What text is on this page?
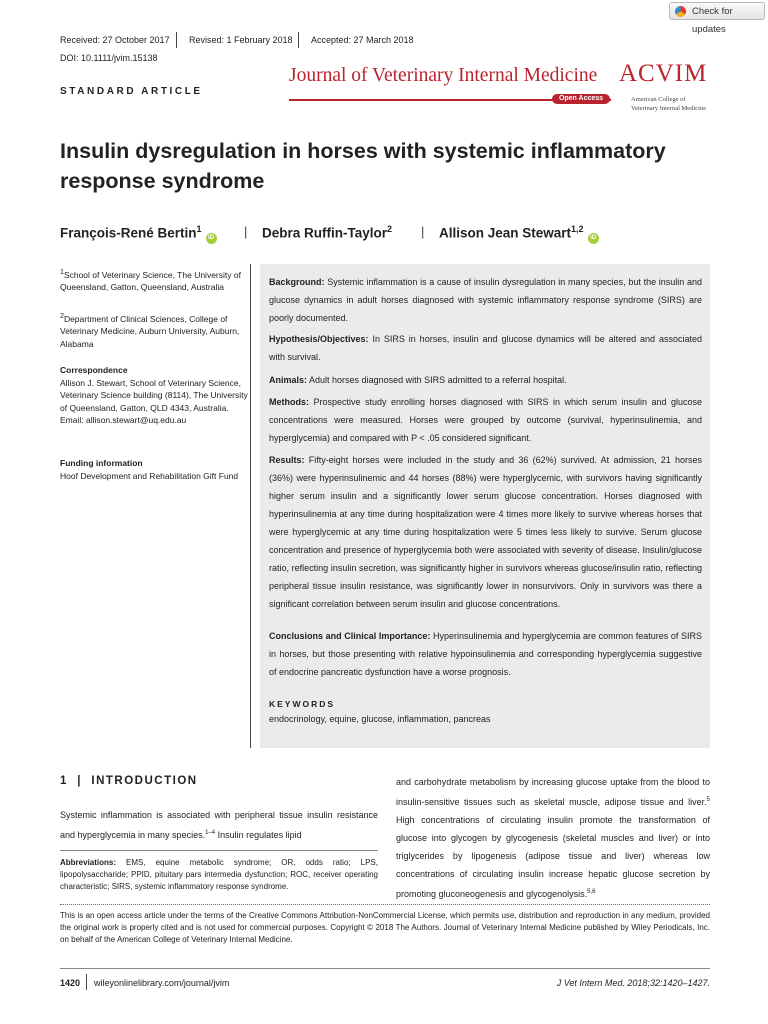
Check for updates
Received: 27 October 2017 Revised: 1 February 2018 Accepted: 27 March 2018
DOI: 10.1111/jvim.15138
STANDARD ARTICLE
Journal of Veterinary Internal Medicine
Open Access
ACVIM
American College of
Veterinary Internal Medicine
Insulin dysregulation in horses with systemic inflammatory response syndrome
François-René Bertin$^1$iD | Debra Ruffin-Taylor$^2$ | Allison Jean Stewart$^{1,2}$iD
$^1$School of Veterinary Science, The University of Queensland, Gatton, Queensland, Australia
$^2$Department of Clinical Sciences, College of Veterinary Medicine, Auburn University, Auburn, Alabama
Correspondence
Allison J. Stewart, School of Veterinary Science, Veterinary Science building (8114), The University of Queensland, Gatton, QLD 4343, Australia.
Email: allison.stewart@uq.edu.au
Funding information
Hoof Development and Rehabilitation Gift Fund
Background: Systemic inflammation is a cause of insulin dysregulation in many species, but the insulin and glucose dynamics in adult horses diagnosed with systemic inflammatory response syndrome (SIRS) are poorly documented.
Hypothesis/Objectives: In SIRS in horses, insulin and glucose dynamics will be altered and associated with survival.
Animals: Adult horses diagnosed with SIRS admitted to a referral hospital.
Methods: Prospective study enrolling horses diagnosed with SIRS in which serum insulin and glucose concentrations were measured. Horses were grouped by outcome (survival, hyperinsulinemia, and hyperglycemia) and compared with P < .05 considered significant.
Results: Fifty-eight horses were included in the study and 36 (62%) survived. At admission, 21 horses (36%) were hyperinsulinemic and 44 horses (88%) were hyperglycemic, with survivors having significantly higher serum insulin and a significantly lower serum glucose concentration. Horses diagnosed with hyperinsulinemia at any time during hospitalization were 4 times more likely to survive whereas horses that were hyperglycemic at any time during hospitalization were 5 times less likely to survive. Serum glucose concentration and presence of hyperglycemia both were associated with severity of disease. Insulin/glucose ratio, reflecting insulin secretion, was significantly higher in survivors whereas glucose/insulin ratio, reflecting peripheral tissue insulin resistance, was significantly lower in nonsurvivors. Only in survivors was there a significant correlation between serum insulin and glucose concentrations.
Conclusions and Clinical Importance: Hyperinsulinemia and hyperglycemia are common features of SIRS in horses, but those presenting with relative hypoinsulinemia and corresponding hyperglycemia suggestive of endocrine pancreatic dysfunction have a worse prognosis.
KEYWORDS
endocrinology, equine, glucose, inflammation, pancreas
1  |  INTRODUCTION
Systemic inflammation is associated with peripheral tissue insulin resistance and hyperglycemia in many species.$^{1-4}$ Insulin regulates lipid
Abbreviations: EMS, equine metabolic syndrome; OR, odds ratio; LPS, lipopolysaccharide; PPID, pituitary pars intermedia dysfunction; ROC, receiver operating characteristic; SIRS, systemic inflammatory response syndrome.
and carbohydrate metabolism by increasing glucose uptake from the blood to insulin-sensitive tissues such as skeletal muscle, adipose tissue and liver.$^5$ High concentrations of circulating insulin promote the transformation of glucose into glycogen by glycogenesis (skeletal muscles and liver) or into triglycerides by lipogenesis (adipose tissue and liver) whereas low concentrations of circulating insulin increase hepatic glucose secretion by promoting gluconeogenesis and glycogenolysis.$^{5,6}$
This is an open access article under the terms of the Creative Commons Attribution-NonCommercial License, which permits use, distribution and reproduction in any medium, provided the original work is properly cited and is not used for commercial purposes. Copyright © 2018 The Authors. Journal of Veterinary Internal Medicine published by Wiley Periodicals, Inc. on behalf of the American College of Veterinary Internal Medicine.
1420 wileyonlinelibrary.com/journal/jvim	J Vet Intern Med. 2018;32:1420–1427.
